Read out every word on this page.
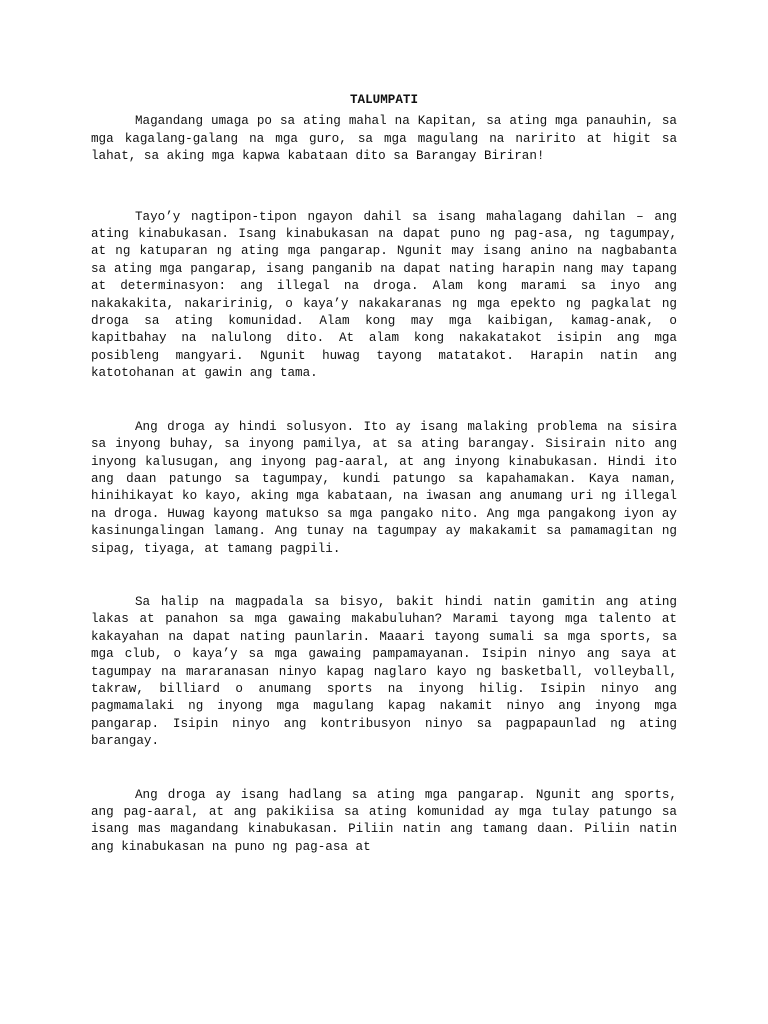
TALUMPATI

Magandang umaga po sa ating mahal na Kapitan, sa ating mga panauhin, sa mga kagalang-galang na mga guro, sa mga magulang na naririto at higit sa lahat, sa aking mga kapwa kabataan dito sa Barangay Biriran!

Tayo’y nagtipon-tipon ngayon dahil sa isang mahalagang dahilan – ang ating kinabukasan. Isang kinabukasan na dapat puno ng pag-asa, ng tagumpay, at ng katuparan ng ating mga pangarap. Ngunit may isang anino na nagbabanta sa ating mga pangarap, isang panganib na dapat nating harapin nang may tapang at determinasyon: ang illegal na droga. Alam kong marami sa inyo ang nakakakita, nakaririnig, o kaya’y nakakaranas ng mga epekto ng pagkalat ng droga sa ating komunidad. Alam kong may mga kaibigan, kamag-anak, o kapitbahay na nalulong dito. At alam kong nakakatakot isipin ang mga posibleng mangyari. Ngunit huwag tayong matatakot. Harapin natin ang katotohanan at gawin ang tama.

Ang droga ay hindi solusyon. Ito ay isang malaking problema na sisira sa inyong buhay, sa inyong pamilya, at sa ating barangay. Sisirain nito ang inyong kalusugan, ang inyong pag-aaral, at ang inyong kinabukasan. Hindi ito ang daan patungo sa tagumpay, kundi patungo sa kapahamakan. Kaya naman, hinihikayat ko kayo, aking mga kabataan, na iwasan ang anumang uri ng illegal na droga. Huwag kayong matukso sa mga pangako nito. Ang mga pangakong iyon ay kasinungalingan lamang. Ang tunay na tagumpay ay makakamit sa pamamagitan ng sipag, tiyaga, at tamang pagpili.

Sa halip na magpadala sa bisyo, bakit hindi natin gamitin ang ating lakas at panahon sa mga gawaing makabuluhan? Marami tayong mga talento at kakayahan na dapat nating paunlarin. Maaari tayong sumali sa mga sports, sa mga club, o kaya’y sa mga gawaing pampamayanan. Isipin ninyo ang saya at tagumpay na mararanasan ninyo kapag naglaro kayo ng basketball, volleyball, takraw, billiard o anumang sports na inyong hilig. Isipin ninyo ang pagmamalaki ng inyong mga magulang kapag nakamit ninyo ang inyong mga pangarap. Isipin ninyo ang kontribusyon ninyo sa pagpapaunlad ng ating barangay.

Ang droga ay isang hadlang sa ating mga pangarap. Ngunit ang sports, ang pag-aaral, at ang pakikiisa sa ating komunidad ay mga tulay patungo sa isang mas magandang kinabukasan. Piliin natin ang tamang daan. Piliin natin ang kinabukasan na puno ng pag-asa at
